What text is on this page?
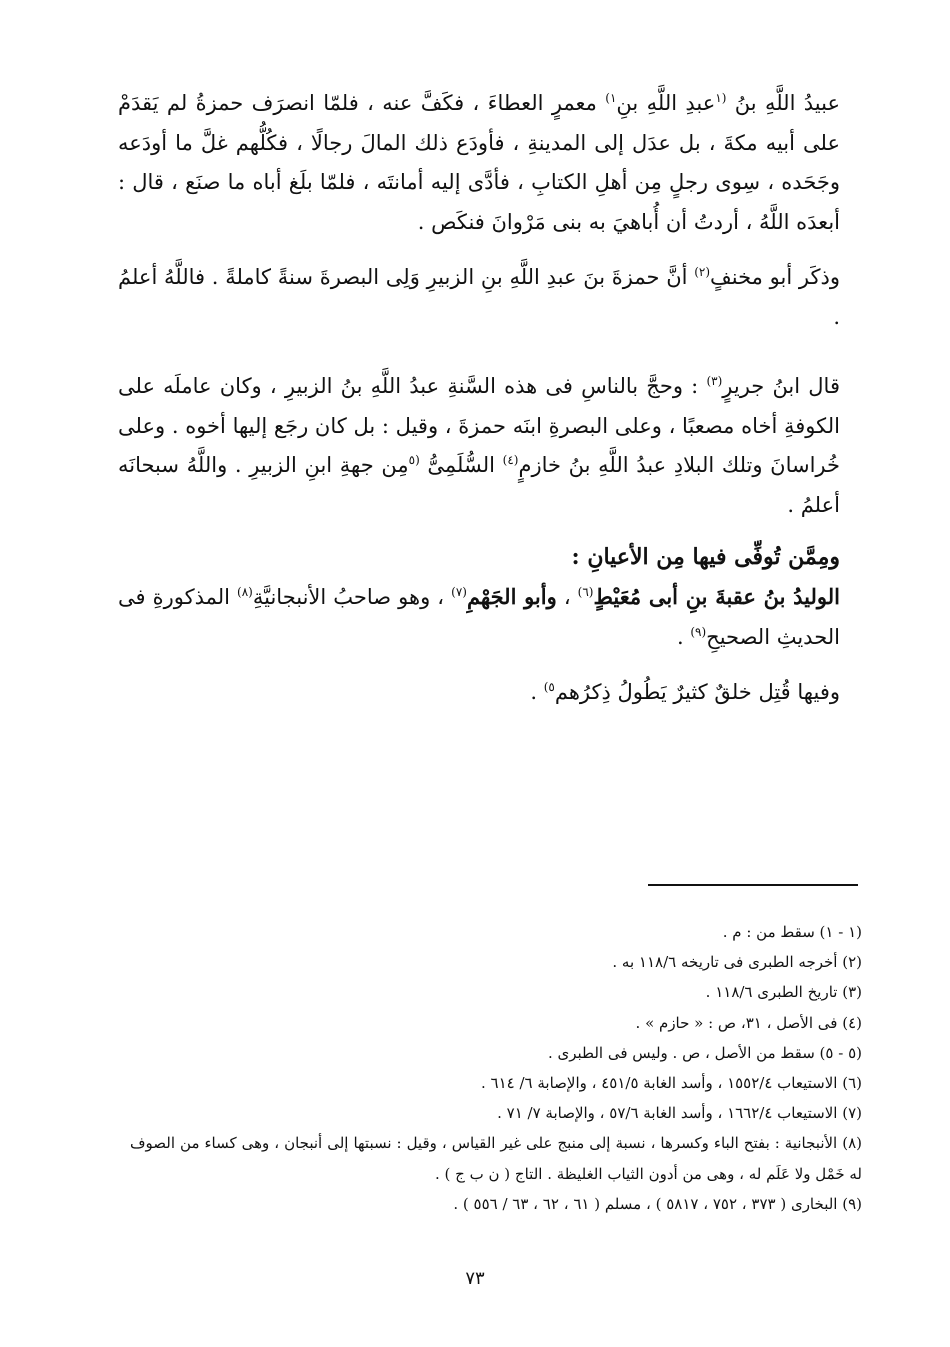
عبيدُ اللَّهِ بنُ $^{(١}$عبدِ اللَّهِ بنِ$^{١)}$ معمرٍ العطاءَ ، فكَفَّ عنه ، فلمّا انصرَف حمزةُ لم يَقدَمْ على أبيه مكةَ ، بل عدَل إلى المدينةِ ، فأودَع ذلك المالَ رجالًا ، فكُلُّهم غلَّ ما أودَعه وجَحَده ، سِوى رجلٍ مِن أهلِ الكتابِ ، فأدَّى إليه أمانتَه ، فلمّا بلَغ أباه ما صنَع ، قال : أبعدَه اللَّهُ ، أردتُ أن أُباهيَ به بنى مَرْوانَ فنكَص .

وذكَر أبو مخنفٍ$^{(٢)}$ أنَّ حمزةَ بنَ عبدِ اللَّهِ بنِ الزبيرِ وَلِى البصرةَ سنةً كاملةً . فاللَّهُ أعلمُ .

قال ابنُ جريرٍ$^{(٣)}$ : وحجَّ بالناسِ فى هذه السَّنةِ عبدُ اللَّهِ بنُ الزبيرِ ، وكان عاملَه على الكوفةِ أخاه مصعبًا ، وعلى البصرةِ ابنَه حمزةَ ، وقيل : بل كان رجَع إليها أخوه . وعلى خُراسانَ وتلك البلادِ عبدُ اللَّهِ بنُ خازمٍ$^{(٤)}$ السُّلَمِىُّ $^{(٥}$مِن جهةِ ابنِ الزبيرِ . واللَّهُ سبحانَه أعلمُ .

ومِمَّن تُوفِّى فيها مِن الأعيانِ :

الوليدُ بنُ عقبةَ بنِ أبى مُعَيْطٍ$^{(٦)}$ ، وأبو الجَهْمِ$^{(٧)}$ ، وهو صاحبُ الأنبجانيَّةِ$^{(٨)}$ المذكورةِ فى الحديثِ الصحيحِ$^{(٩)}$ .

وفيها قُتِل خلقٌ كثيرٌ يَطُولُ ذِكرُهم$^{٥)}$ .

(١ - ١) سقط من : م .

(٢) أخرجه الطبرى فى تاريخه ١١٨/٦ به .

(٣) تاريخ الطبرى ١١٨/٦ .

(٤) فى الأصل ، ٣١، ص : « حازم » .

(٥ - ٥) سقط من الأصل ، ص . وليس فى الطبرى .

(٦) الاستيعاب ١٥٥٢/٤ ، وأسد الغابة ٤٥١/٥ ، والإصابة ٦/ ٦١٤ .

(٧) الاستيعاب ١٦٦٢/٤ ، وأسد الغابة ٥٧/٦ ، والإصابة ٧/ ٧١ .

(٨) الأنبجانية : بفتح الباء وكسرها ، نسبة إلى منبج على غير القياس ، وقيل : نسبتها إلى أنبجان ، وهى كساء من الصوف له خَمْل ولا عَلَم له ، وهى من أدون الثياب الغليظة . التاج ( ن ب ج ) .

(٩) البخارى ( ٣٧٣ ، ٧٥٢ ، ٥٨١٧ ) ، مسلم ( ٦١ ، ٦٢ ، ٦٣ / ٥٥٦ ) .

٧٣
